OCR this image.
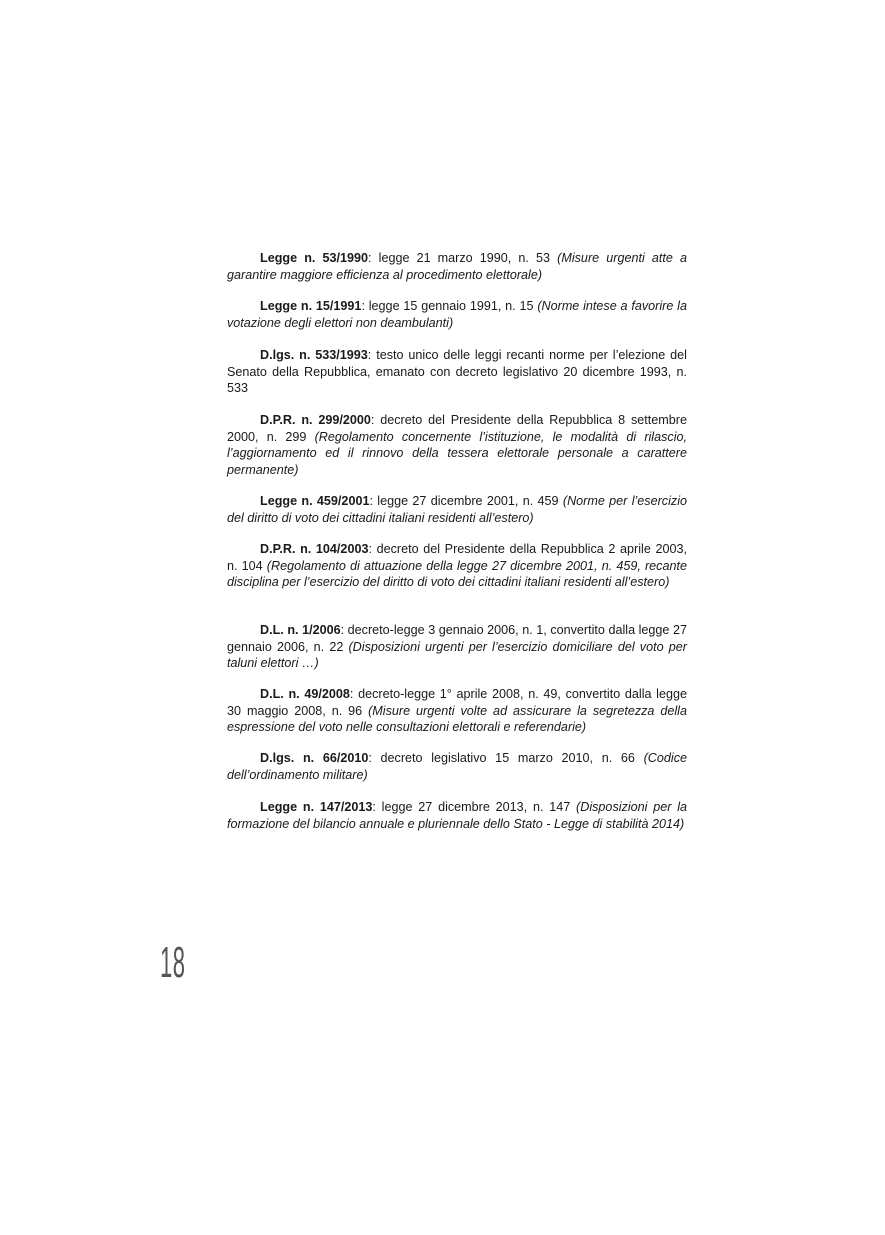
Legge n. 53/1990: legge 21 marzo 1990, n. 53 (Misure urgenti atte a garantire maggiore efficienza al procedimento elettorale)

Legge n. 15/1991: legge 15 gennaio 1991, n. 15 (Norme intese a favorire la votazione degli elettori non deambulanti)

D.lgs. n. 533/1993: testo unico delle leggi recanti norme per l’elezione del Senato della Repubblica, emanato con decreto legislativo 20 dicembre 1993, n. 533

D.P.R. n. 299/2000: decreto del Presidente della Repubblica 8 settembre 2000, n. 299 (Regolamento concernente l’istituzione, le modalità di rilascio, l’aggiornamento ed il rinnovo della tessera elettorale personale a carattere permanente)

Legge n. 459/2001: legge 27 dicembre 2001, n. 459 (Norme per l’esercizio del diritto di voto dei cittadini italiani residenti all’estero)

D.P.R. n. 104/2003: decreto del Presidente della Repubblica 2 aprile 2003, n. 104 (Regolamento di attuazione della legge 27 dicembre 2001, n. 459, recante disciplina per l’esercizio del diritto di voto dei cittadini italiani residenti all’estero)

D.L. n. 1/2006: decreto-legge 3 gennaio 2006, n. 1, convertito dalla legge 27 gennaio 2006, n. 22 (Disposizioni urgenti per l’esercizio domiciliare del voto per taluni elettori …)

D.L. n. 49/2008: decreto-legge 1° aprile 2008, n. 49, convertito dalla legge 30 maggio 2008, n. 96 (Misure urgenti volte ad assicurare la segretezza della espressione del voto nelle consultazioni elettorali e referendarie)

D.lgs. n. 66/2010: decreto legislativo 15 marzo 2010, n. 66 (Codice dell’ordinamento militare)

Legge n. 147/2013: legge 27 dicembre 2013, n. 147 (Disposizioni per la formazione del bilancio annuale e pluriennale dello Stato - Legge di stabilità 2014)

18
